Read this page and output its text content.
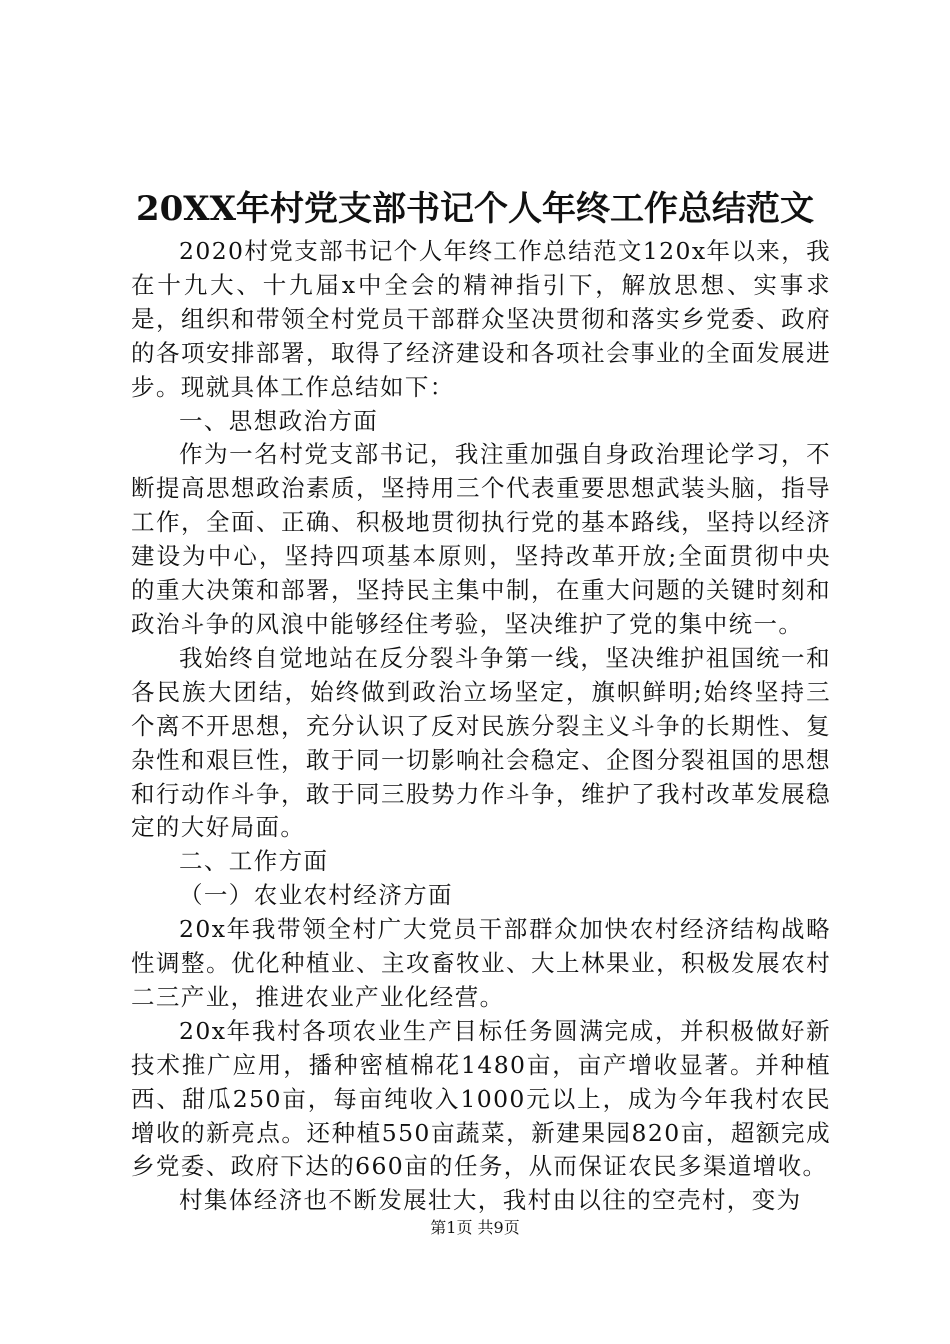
20XX年村党支部书记个人年终工作总结范文

2020村党支部书记个人年终工作总结范文120x年以来，我在十九大、十九届x中全会的精神指引下，解放思想、实事求是，组织和带领全村党员干部群众坚决贯彻和落实乡党委、政府的各项安排部署，取得了经济建设和各项社会事业的全面发展进步。现就具体工作总结如下：

一、思想政治方面

作为一名村党支部书记，我注重加强自身政治理论学习，不断提高思想政治素质，坚持用三个代表重要思想武装头脑，指导工作，全面、正确、积极地贯彻执行党的基本路线，坚持以经济建设为中心，坚持四项基本原则，坚持改革开放;全面贯彻中央的重大决策和部署，坚持民主集中制，在重大问题的关键时刻和政治斗争的风浪中能够经住考验，坚决维护了党的集中统一。

我始终自觉地站在反分裂斗争第一线，坚决维护祖国统一和各民族大团结，始终做到政治立场坚定，旗帜鲜明;始终坚持三个离不开思想，充分认识了反对民族分裂主义斗争的长期性、复杂性和艰巨性，敢于同一切影响社会稳定、企图分裂祖国的思想和行动作斗争，敢于同三股势力作斗争，维护了我村改革发展稳定的大好局面。

二、工作方面

（一）农业农村经济方面

20x年我带领全村广大党员干部群众加快农村经济结构战略性调整。优化种植业、主攻畜牧业、大上林果业，积极发展农村二三产业，推进农业产业化经营。

20x年我村各项农业生产目标任务圆满完成，并积极做好新技术推广应用，播种密植棉花1480亩，亩产增收显著。并种植西、甜瓜250亩，每亩纯收入1000元以上，成为今年我村农民增收的新亮点。还种植550亩蔬菜，新建果园820亩，超额完成乡党委、政府下达的660亩的任务，从而保证农民多渠道增收。

村集体经济也不断发展壮大，我村由以往的空壳村，变为

第1页 共9页
